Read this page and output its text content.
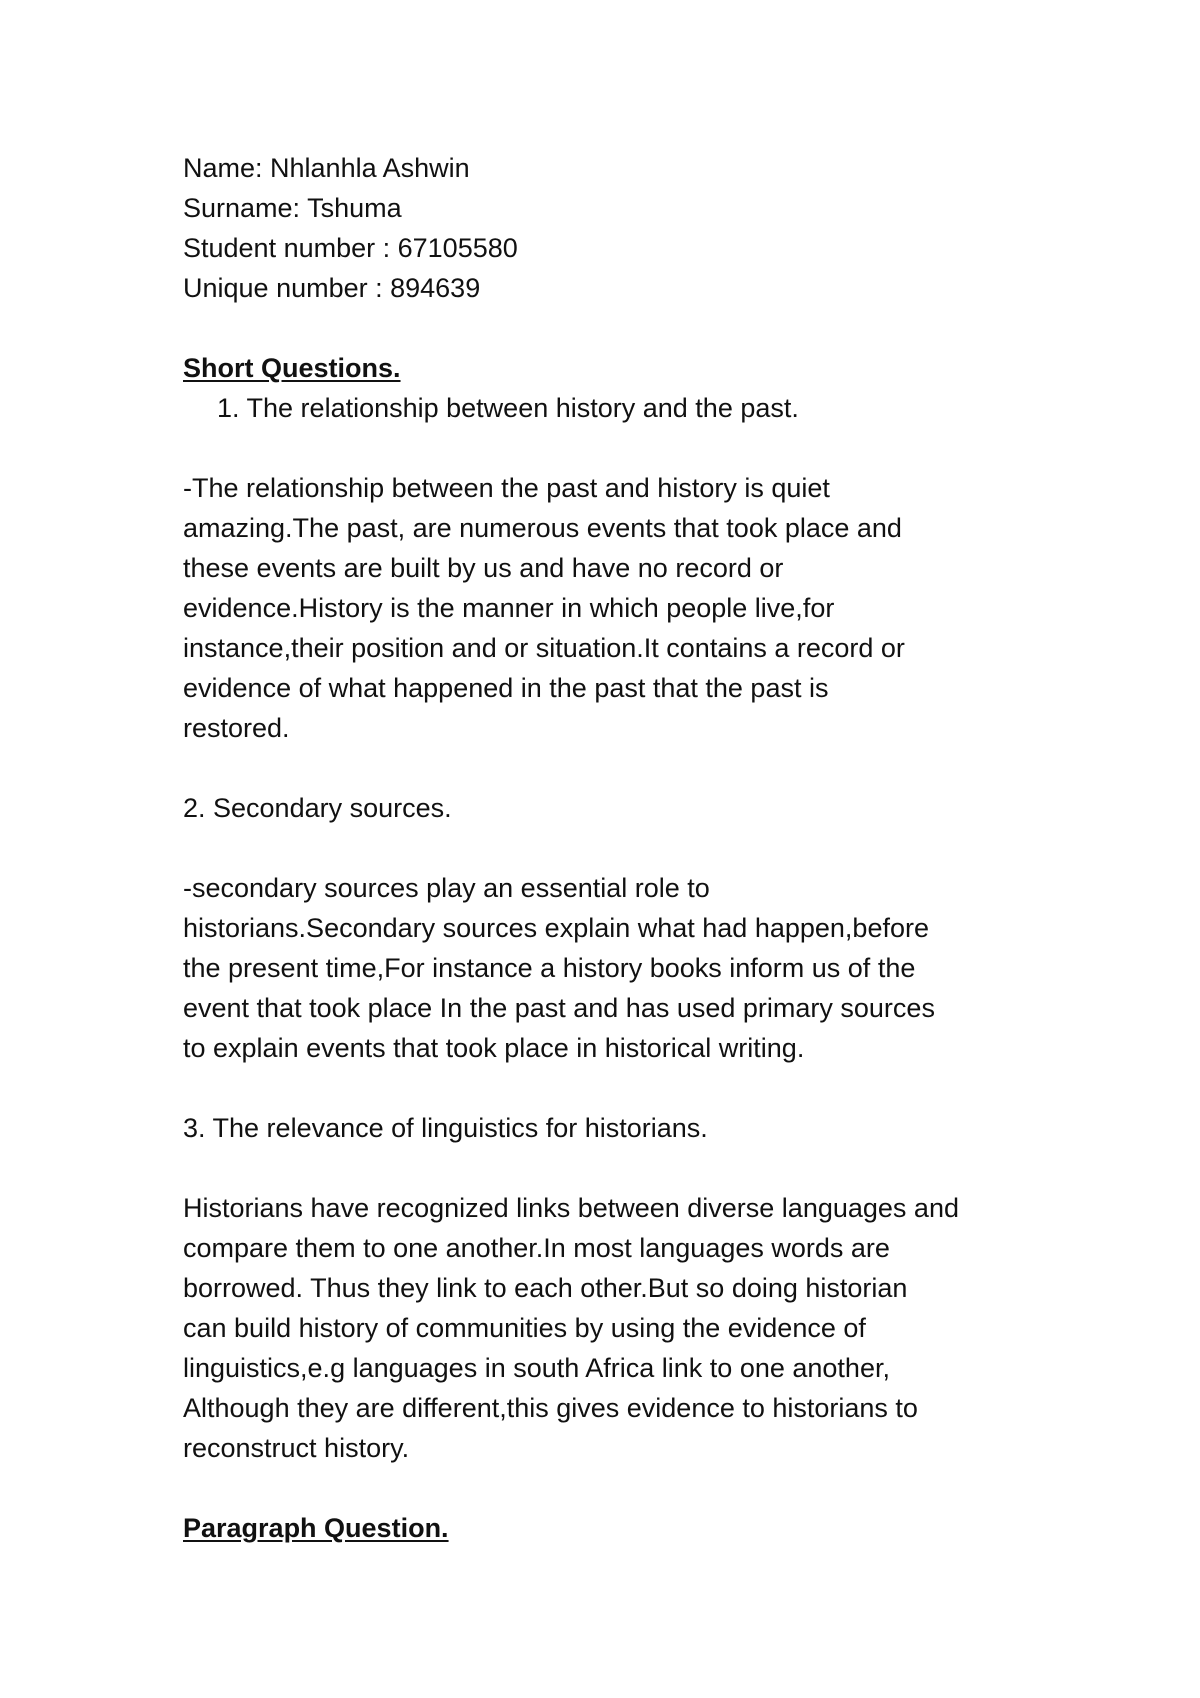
Name: Nhlanhla Ashwin
Surname: Tshuma
Student number : 67105580
Unique number : 894639
Short Questions.
1. The relationship between history and the past.
-The relationship between the past and history is quiet
amazing.The past, are numerous events that took place and
these events are built by us and have no record or
evidence.History is the manner in which people live,for
instance,their position and or situation.It contains a record or
evidence of what happened in the past that the past is
restored.
2. Secondary sources.
-secondary sources play an essential role to
historians.Secondary sources explain what had happen,before
the present time,For instance a history books inform us of the
event that took place In the past and has used primary sources
to explain events that took place in historical writing.
3. The relevance of linguistics for historians.
Historians have recognized links between diverse languages and
compare them to one another.In most languages words are
borrowed. Thus they link to each other.But so doing historian
can build history of communities by using the evidence of
linguistics,e.g languages in south Africa link to one another,
Although they are different,this gives evidence to historians to
reconstruct history.
Paragraph Question.
